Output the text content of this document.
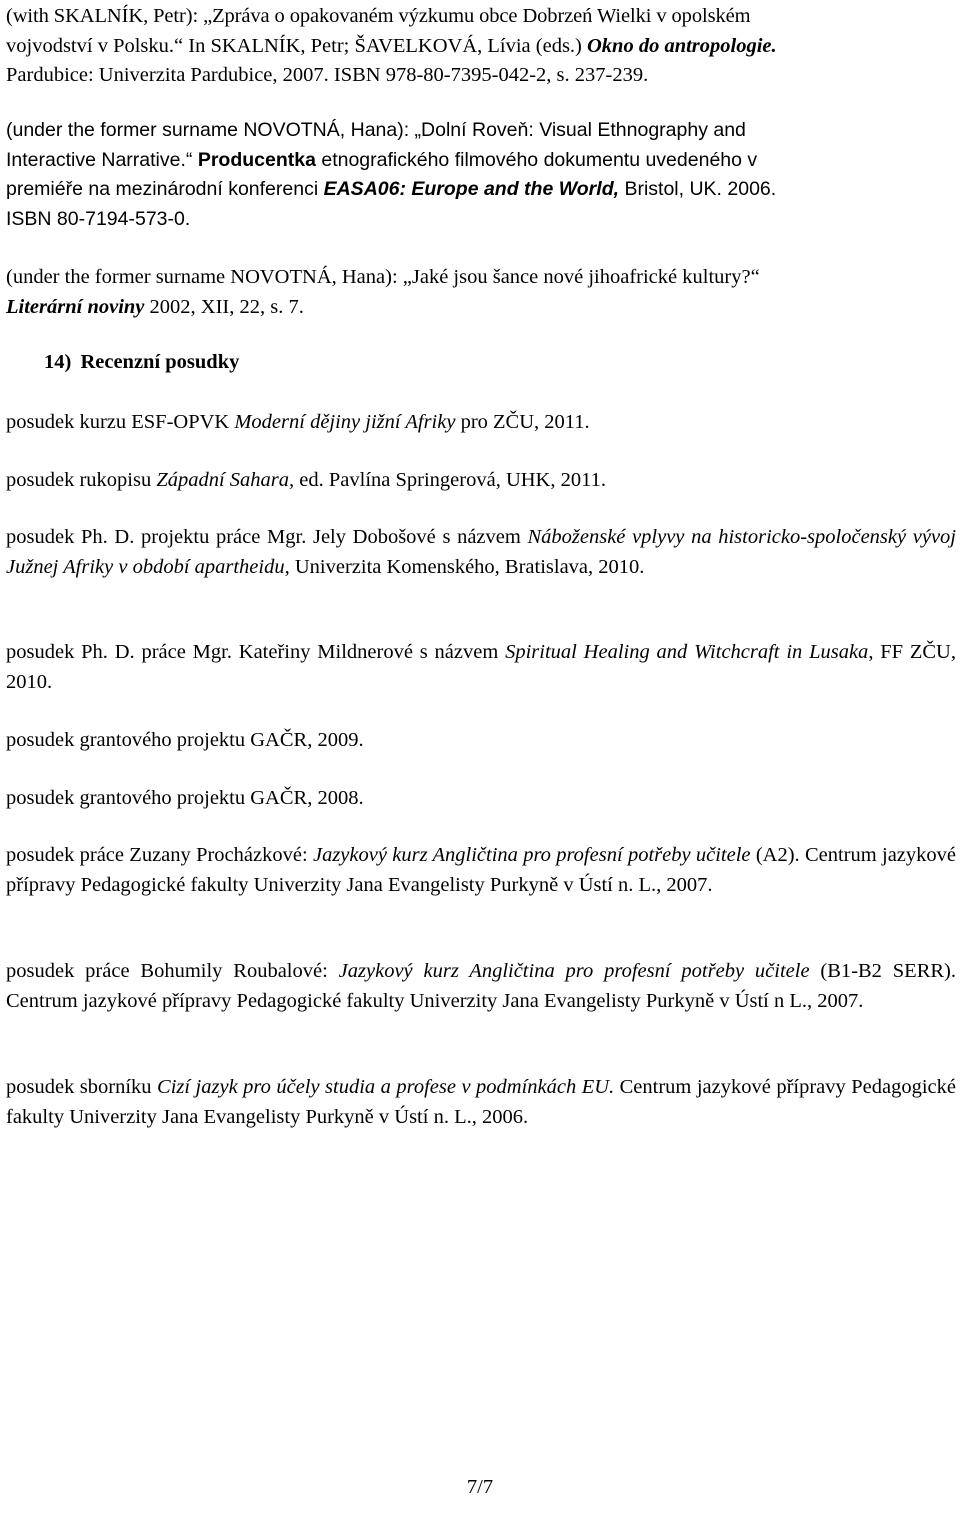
(with SKALNÍK, Petr): „Zpráva o opakovaném výzkumu obce Dobrzeń Wielki v opolském
vojvodství v Polsku.“ In SKALNÍK, Petr; ŠAVELKOVÁ, Lívia (eds.) Okno do antropologie.
Pardubice: Univerzita Pardubice, 2007. ISBN 978-80-7395-042-2, s. 237-239.
(under the former surname NOVOTNÁ, Hana): „Dolní Roveň: Visual Ethnography and
Interactive Narrative.“ Producentka etnografického filmového dokumentu uvedeného v
premiéře na mezinárodní konferenci EASA06: Europe and the World, Bristol, UK. 2006.
ISBN 80-7194-573-0.
(under the former surname NOVOTNÁ, Hana): „Jaké jsou šance nové jihoafrické kultury?“
Literární noviny 2002, XII, 22, s. 7.
14) Recenzní posudky
posudek kurzu ESF-OPVK Moderní dějiny jižní Afriky pro ZČU, 2011.
posudek rukopisu Západní Sahara, ed. Pavlína Springerová, UHK, 2011.
posudek Ph. D. projektu práce Mgr. Jely Dobošové s názvem Náboženské vplyvy na historicko-spoločenský vývoj Južnej Afriky v období apartheidu, Univerzita Komenského, Bratislava, 2010.
posudek Ph. D. práce Mgr. Kateřiny Mildnerové s názvem Spiritual Healing and Witchcraft in Lusaka, FF ZČU, 2010.
posudek grantového projektu GAČR, 2009.
posudek grantového projektu GAČR, 2008.
posudek práce Zuzany Procházkové: Jazykový kurz Angličtina pro profesní potřeby učitele (A2). Centrum jazykové přípravy Pedagogické fakulty Univerzity Jana Evangelisty Purkyně v Ústí n. L., 2007.
posudek práce Bohumily Roubalové: Jazykový kurz Angličtina pro profesní potřeby učitele (B1-B2 SERR). Centrum jazykové přípravy Pedagogické fakulty Univerzity Jana Evangelisty Purkyně v Ústí n L., 2007.
posudek sborníku Cizí jazyk pro účely studia a profese v podmínkách EU. Centrum jazykové přípravy Pedagogické fakulty Univerzity Jana Evangelisty Purkyně v Ústí n. L., 2006.
7/7
